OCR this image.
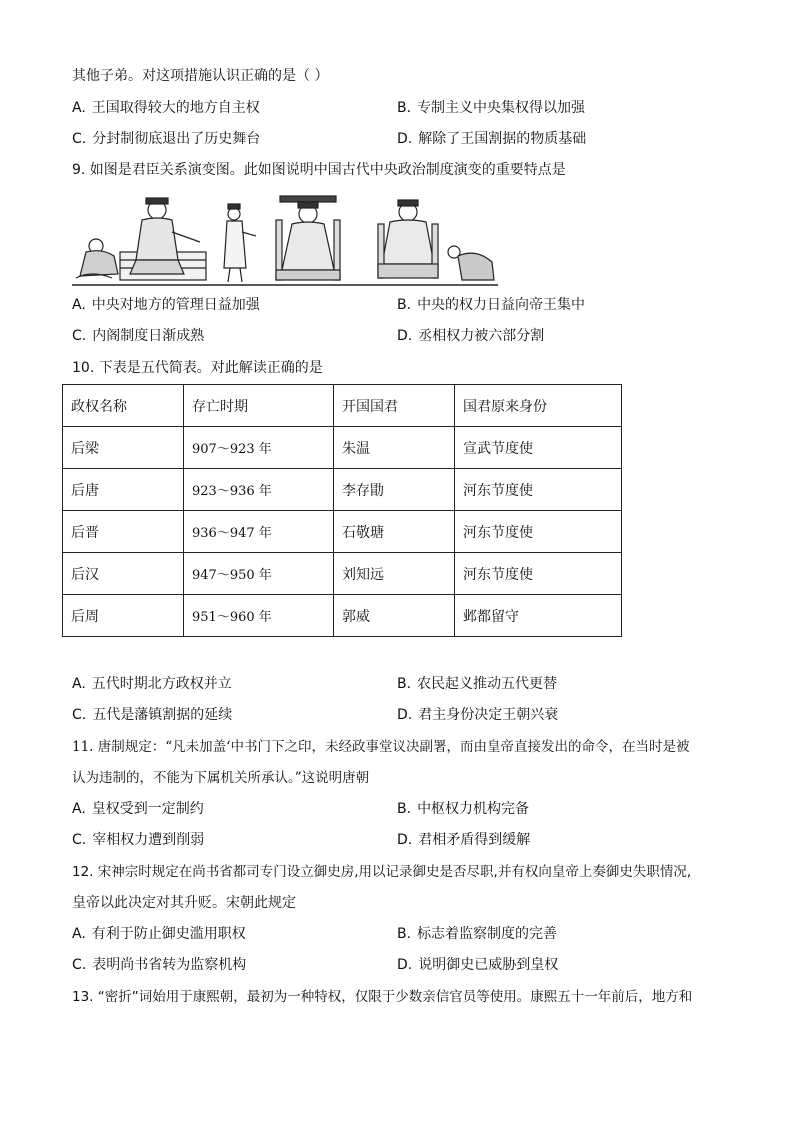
其他子弟。对这项措施认识正确的是（ ）
A. 王国取得较大的地方自主权	B. 专制主义中央集权得以加强
C. 分封制彻底退出了历史舞台	D. 解除了王国割据的物质基础
9. 如图是君臣关系演变图。此如图说明中国古代中央政治制度演变的重要特点是
A. 中央对地方的管理日益加强	B. 中央的权力日益向帝王集中
C. 内阁制度日渐成熟	D. 丞相权力被六部分割
10. 下表是五代简表。对此解读正确的是
政权名称	存亡时期	开国国君	国君原来身份
后梁	907～923 年	朱温	宣武节度使
后唐	923～936 年	李存勖	河东节度使
后晋	936～947 年	石敬瑭	河东节度使
后汉	947～950 年	刘知远	河东节度使
后周	951～960 年	郭威	邺都留守
A. 五代时期北方政权并立	B. 农民起义推动五代更替
C. 五代是藩镇割据的延续	D. 君主身份决定王朝兴衰
11. 唐制规定：“凡未加盖‘中书门下之印，未经政事堂议决副署，而由皇帝直接发出的命令，在当时是被
认为违制的，不能为下属机关所承认。”这说明唐朝
A. 皇权受到一定制约	B. 中枢权力机构完备
C. 宰相权力遭到削弱	D. 君相矛盾得到缓解
12. 宋神宗时规定在尚书省都司专门设立御史房,用以记录御史是否尽职,并有权向皇帝上奏御史失职情况,
皇帝以此决定对其升贬。宋朝此规定
A. 有利于防止御史滥用职权	B. 标志着监察制度的完善
C. 表明尚书省转为监察机构	D. 说明御史已威胁到皇权
13. “密折”词始用于康熙朝，最初为一种特权，仅限于少数亲信官员等使用。康熙五十一年前后，地方和
